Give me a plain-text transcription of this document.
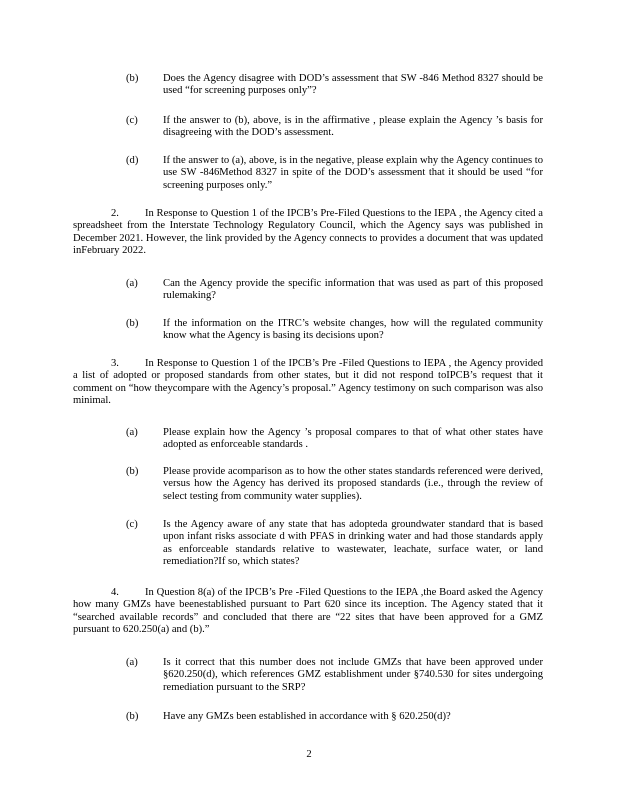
(b) Does the Agency disagree with DOD’s assessment that SW -846 Method 8327 should be used “for screening purposes only”?
(c) If the answer to (b), above, is in the affirmative , please explain the Agency ’s basis for disagreeing with the DOD’s assessment.
(d) If the answer to (a), above, is in the negative, please explain why the Agency continues to use SW -846Method 8327 in spite of the DOD’s assessment that it should be used “for screening purposes only.”
2. In Response to Question 1 of the IPCB’s Pre-Filed Questions to the IEPA , the Agency cited a spreadsheet from the Interstate Technology Regulatory Council, which the Agency says was published in December 2021. However, the link provided by the Agency connects to provides a document that was updated inFebruary 2022.
(a) Can the Agency provide the specific information that was used as part of this proposed rulemaking?
(b) If the information on the ITRC’s website changes, how will the regulated community know what the Agency is basing its decisions upon?
3. In Response to Question 1 of the IPCB’s Pre -Filed Questions to IEPA , the Agency provided a list of adopted or proposed standards from other states, but it did not respond toIPCB’s request that it comment on “how theycompare with the Agency’s proposal.” Agency testimony on such comparison was also minimal.
(a) Please explain how the Agency ’s proposal compares to that of what other states have adopted as enforceable standards .
(b) Please provide acomparison as to how the other states standards referenced were derived, versus how the Agency has derived its proposed standards (i.e., through the review of select testing from community water supplies).
(c) Is the Agency aware of any state that has adopteda groundwater standard that is based upon infant risks associate d with PFAS in drinking water and had those standards apply as enforceable standards relative to wastewater, leachate, surface water, or land remediation?If so, which states?
4. In Question 8(a) of the IPCB’s Pre -Filed Questions to the IEPA ,the Board asked the Agency how many GMZs have beenestablished pursuant to Part 620 since its inception. The Agency stated that it “searched available records” and concluded that there are “22 sites that have been approved for a GMZ pursuant to 620.250(a) and (b).”
(a) Is it correct that this number does not include GMZs that have been approved under §620.250(d), which references GMZ establishment under §740.530 for sites undergoing remediation pursuant to the SRP?
(b) Have any GMZs been established in accordance with § 620.250(d)?
2
